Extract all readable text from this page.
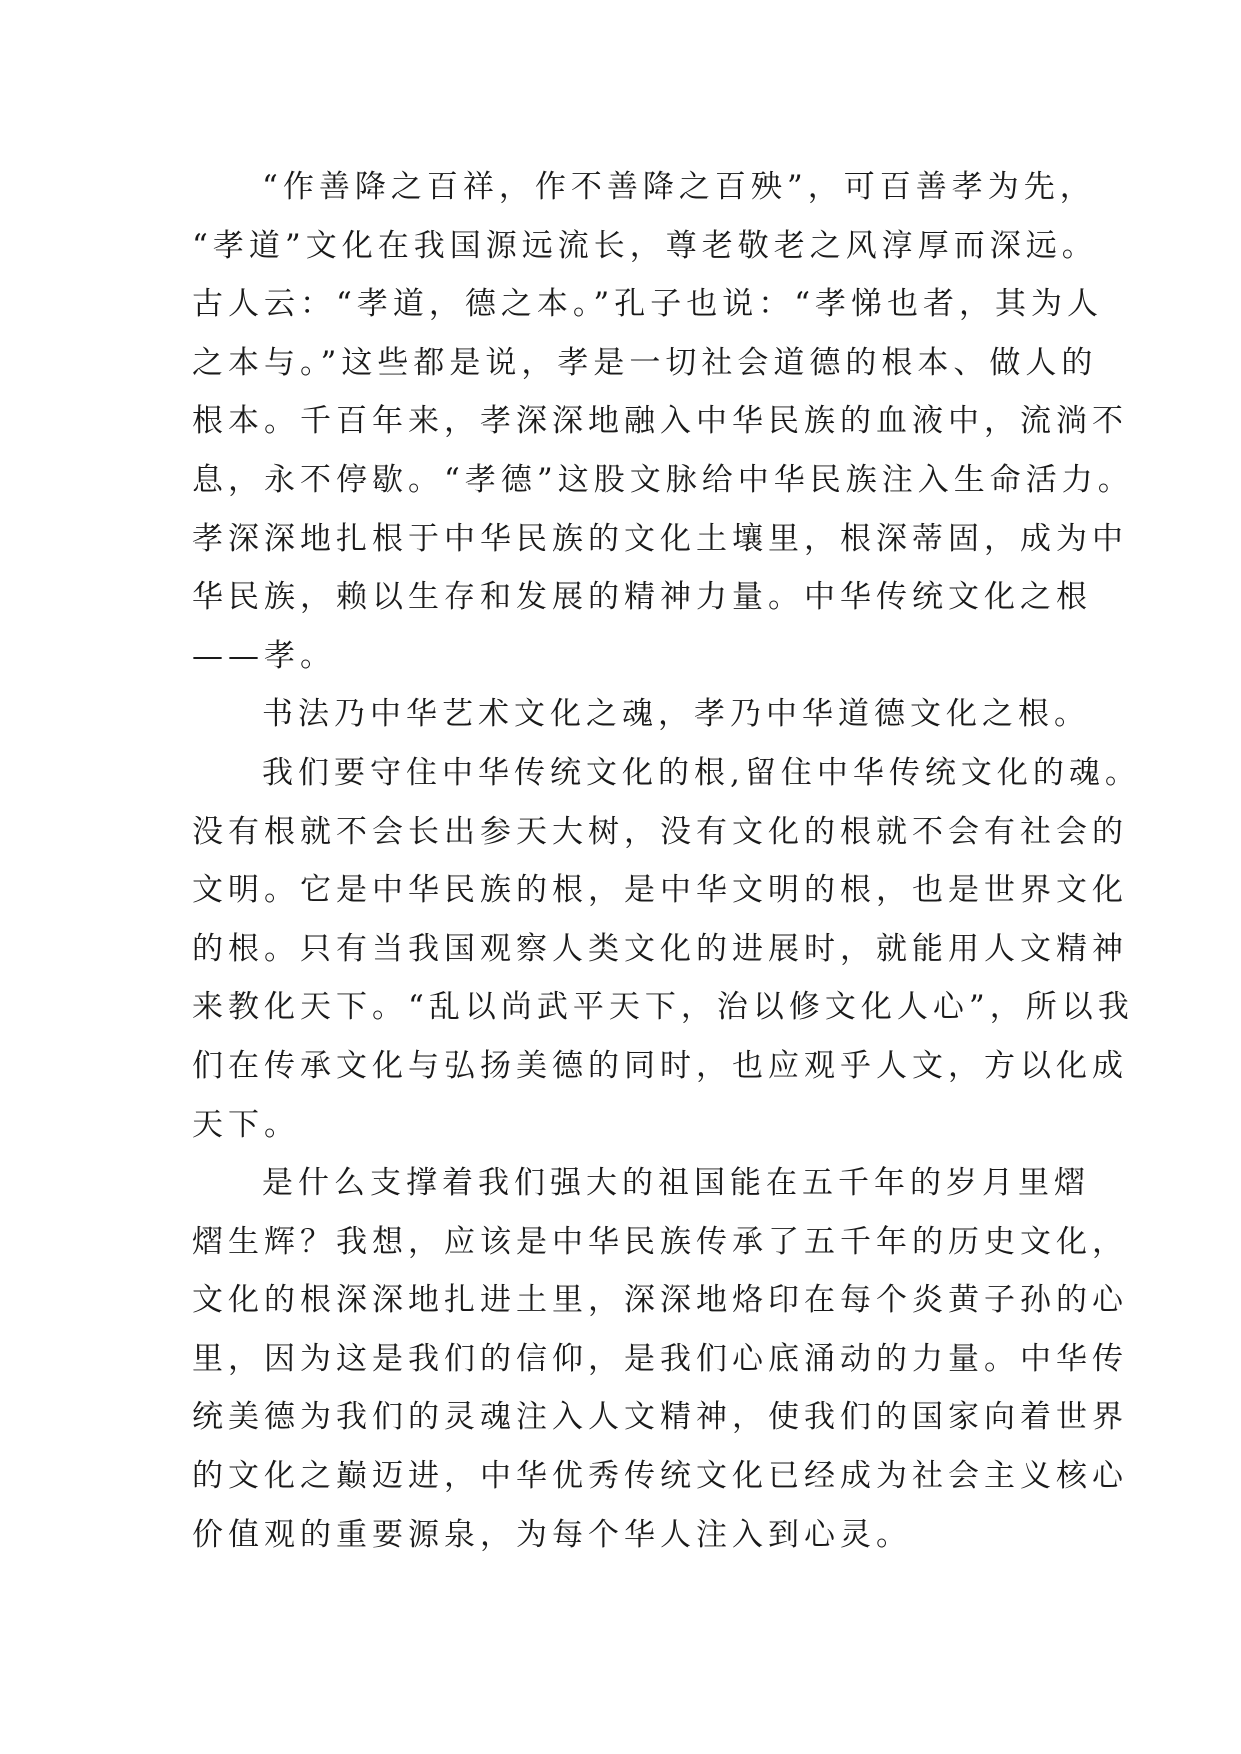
“作善降之百祥，作不善降之百殃”，可百善孝为先，
“孝道”文化在我国源远流长，尊老敬老之风淳厚而深远。
古人云：“孝道，德之本。”孔子也说：“孝悌也者，其为人
之本与。”这些都是说，孝是一切社会道德的根本、做人的
根本。千百年来，孝深深地融入中华民族的血液中，流淌不
息，永不停歇。“孝德”这股文脉给中华民族注入生命活力。
孝深深地扎根于中华民族的文化土壤里，根深蒂固，成为中
华民族，赖以生存和发展的精神力量。中华传统文化之根
——孝。
书法乃中华艺术文化之魂，孝乃中华道德文化之根。
我们要守住中华传统文化的根,留住中华传统文化的魂。
没有根就不会长出参天大树，没有文化的根就不会有社会的
文明。它是中华民族的根，是中华文明的根，也是世界文化
的根。只有当我国观察人类文化的进展时，就能用人文精神
来教化天下。“乱以尚武平天下，治以修文化人心”，所以我
们在传承文化与弘扬美德的同时，也应观乎人文，方以化成
天下。
是什么支撑着我们强大的祖国能在五千年的岁月里熠
熠生辉？我想，应该是中华民族传承了五千年的历史文化，
文化的根深深地扎进土里，深深地烙印在每个炎黄子孙的心
里，因为这是我们的信仰，是我们心底涌动的力量。中华传
统美德为我们的灵魂注入人文精神，使我们的国家向着世界
的文化之巅迈进，中华优秀传统文化已经成为社会主义核心
价值观的重要源泉，为每个华人注入到心灵。
